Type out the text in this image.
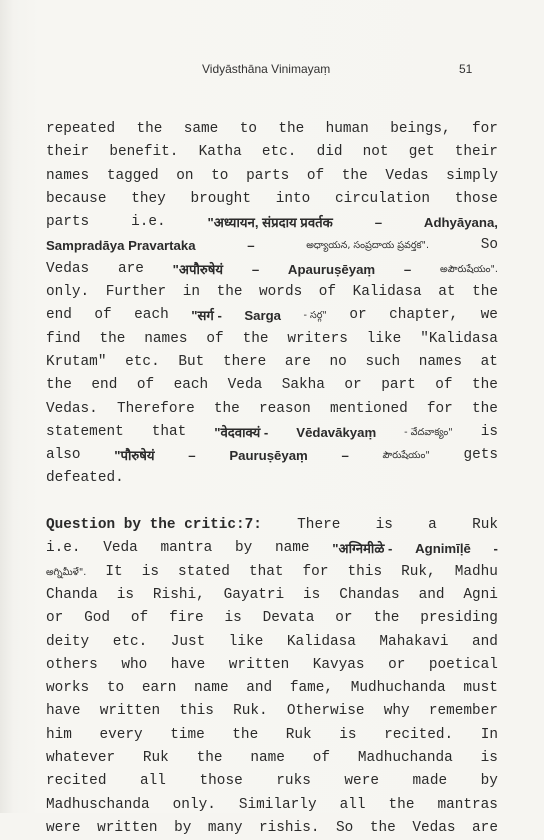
Vidyāsthāna Vinimayaṃ	51
repeated the same to the human beings, for
their benefit. Katha etc. did not get their
names tagged on to parts of the Vedas simply
because they brought into circulation those
parts	i.e.	"अध्यायन, संप्रदाय प्रवर्तक	–	Adhyāyana,
Sampradāya Pravartaka	–	అధ్యాయన, సంప్రదాయ ప్రవర్తక".	So
Vedas are "अपौरुषेयं – Apauruṣēyaṃ –	అపౌరుషేయం".
only. Further in the words of Kalidasa at the
end of each "सर्ग - Sarga - సర్గ" or chapter, we
find the names of the writers like "Kalidasa
Krutam" etc. But there are no such names at
the end of each Veda Sakha or part of the
Vedas. Therefore the reason mentioned for the
statement that "वेदवाक्यं - Vēdavākyaṃ	- వేదవాక్యం" is
also	"पौरुषेयं	–	Pauruṣēyaṃ	–	పౌరుషేయం" gets
defeated.
Question by the critic:7: There is a Ruk
i.e. Veda mantra by name "अग्निमीळे - Agnimīḷē -
అగ్నిమీళే". It is stated that for this Ruk, Madhu
Chanda is Rishi, Gayatri is Chandas and Agni
or God of fire is Devata or the presiding
deity etc. Just like Kalidasa Mahakavi and
others who have written Kavyas or poetical
works to earn name and fame, Mudhuchanda must
have written this Ruk. Otherwise why remember
him every time the Ruk is recited. In
whatever Ruk the name of Madhuchanda is
recited all those ruks were made by
Madhuschanda only. Similarly all the mantras
were written by many rishis. So the Vedas are
